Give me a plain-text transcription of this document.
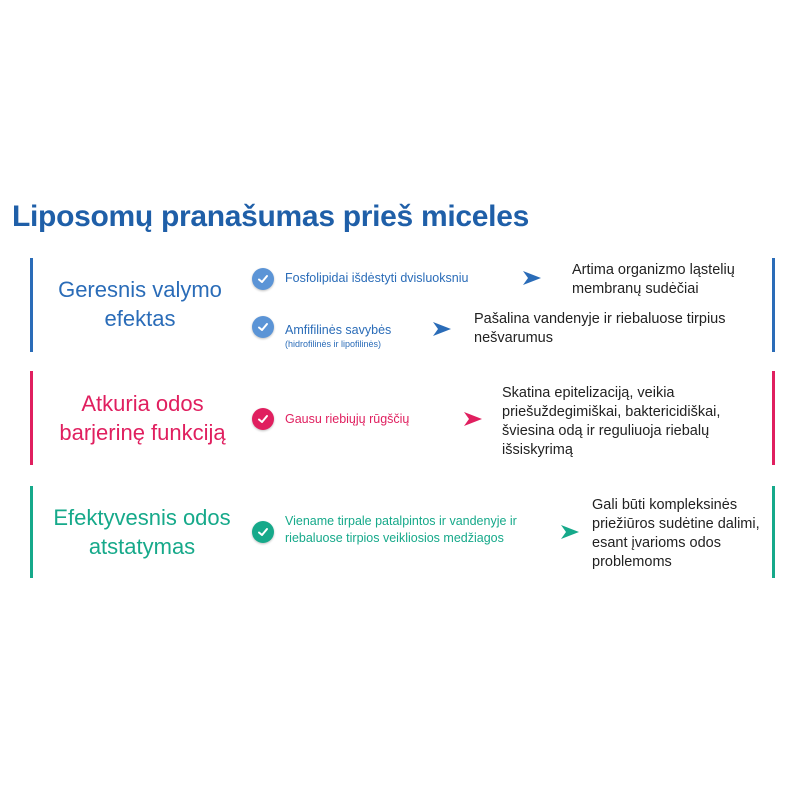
Liposomų pranašumas prieš miceles
Geresnis valymo efektas
Fosfolipidai išdėstyti dvisluoksniu	Artima organizmo ląstelių membranų sudėčiai
Amfifilinės savybės
(hidrofilinės ir lipofilinės)
Pašalina vandenyje ir riebaluose tirpius nešvarumus
Atkuria odos barjerinę funkciją
Gausu riebiųjų rūgščių
Skatina epitelizaciją, veikia priešuždegimiškai, baktericidiškai, šviesina odą ir reguliuoja riebalų išsiskyrimą
Efektyvesnis odos atstatymas
Viename tirpale patalpintos ir vandenyje ir riebaluose tirpios veikliosios medžiagos
Gali būti kompleksinės priežiūros sudėtine dalimi, esant įvarioms odos problemoms
